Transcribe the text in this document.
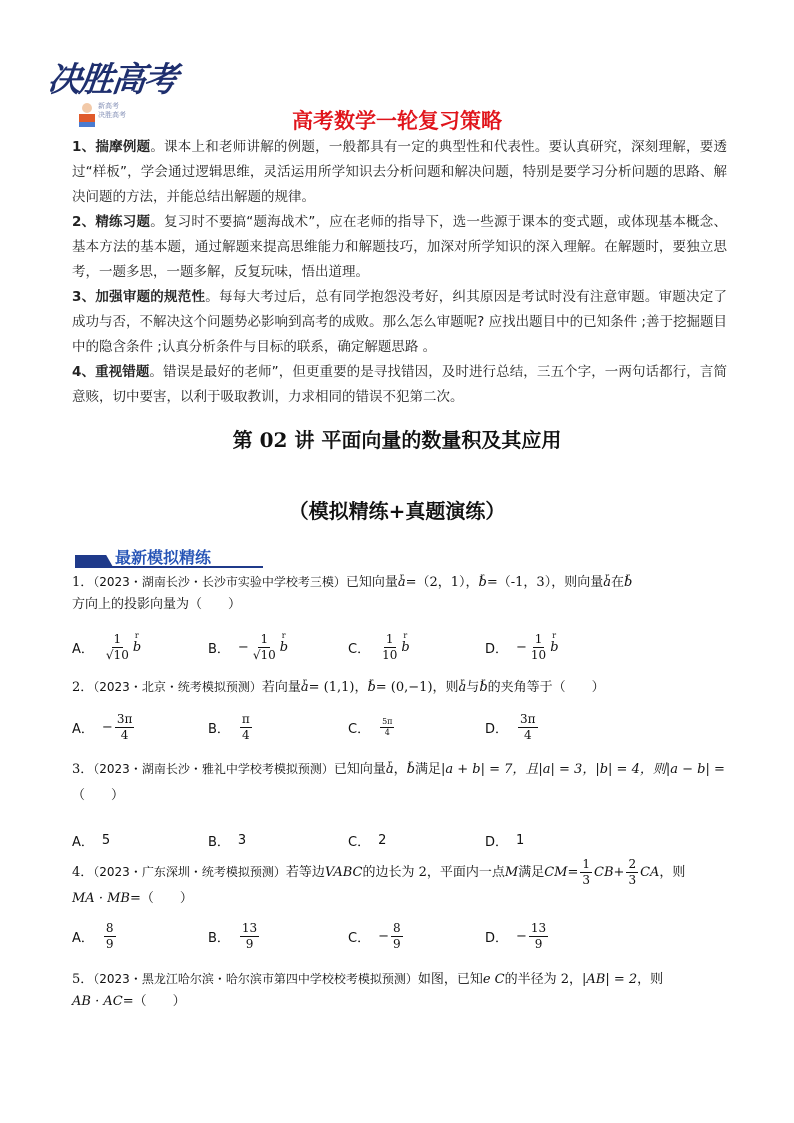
决胜高考
新高考
决胜高考	高考数学一轮复习策略

1、揣摩例题。课本上和老师讲解的例题，一般都具有一定的典型性和代表性。要认真研究，深刻理解，要透过“样板”，学会通过逻辑思维，灵活运用所学知识去分析问题和解决问题，特别是要学习分析问题的思路、解决问题的方法，并能总结出解题的规律。

2、精练习题。复习时不要搞“题海战术”，应在老师的指导下，选一些源于课本的变式题，或体现基本概念、基本方法的基本题，通过解题来提高思维能力和解题技巧，加深对所学知识的深入理解。在解题时，要独立思考，一题多思，一题多解，反复玩味，悟出道理。

3、加强审题的规范性。每每大考过后，总有同学抱怨没考好，纠其原因是考试时没有注意审题。审题决定了成功与否，不解决这个问题势必影响到高考的成败。那么怎么审题呢? 应找出题目中的已知条件 ;善于挖掘题目中的隐含条件 ;认真分析条件与目标的联系，确定解题思路 。

4、重视错题。错误是最好的老师”，但更重要的是寻找错因，及时进行总结，三五个字，一两句话都行，言简意赅，切中要害，以利于吸取教训，力求相同的错误不犯第二次。

第 02 讲 平面向量的数量积及其应用
（模拟精练+真题演练）
最新模拟精练
1．（2023・湖南长沙・长沙市实验中学校考三模）已知向量r a=（2，1），r b=（-1，3），则向量r a在r b
方向上的投影向量为（　　）
A． $\frac{1}{√10}$ r b	B． − $\frac{1}{√10}$ r b	C． $\frac{1}{10}$ r b	D． − $\frac{1}{10}$ r b
2．（2023・北京・统考模拟预测）若向量r a= (1,1)，r b= (0,−1)，则r a与r b的夹角等于（　　）
A． − $\frac{3\pi}{4}$	B． $\frac{\pi}{4}$	C． $\frac{5\pi}{4}$	D． $\frac{3\pi}{4}$
3．（2023・湖南长沙・雅礼中学校考模拟预测）已知向量r a，r b满足|a + b| = 7，且|a| = 3，|b| = 4，则|a − b| =
（　　）
A． 5	B． 3	C． 2	D． 1
4．（2023・广东深圳・统考模拟预测）若等边VABC的边长为 2，平面内一点M满足$CM= \frac{1}{3} CB+ \frac{2}{3}$ CA，则
MA · MB=（　　）
A． $\frac{8}{9}$	B． $\frac{13}{9}$	C． − $\frac{8}{9}$	D． − $\frac{13}{9}$
5．（2023・黑龙江哈尔滨・哈尔滨市第四中学校校考模拟预测）如图，已知e C的半径为 2，|AB| = 2，则
AB · AC=（　　）
